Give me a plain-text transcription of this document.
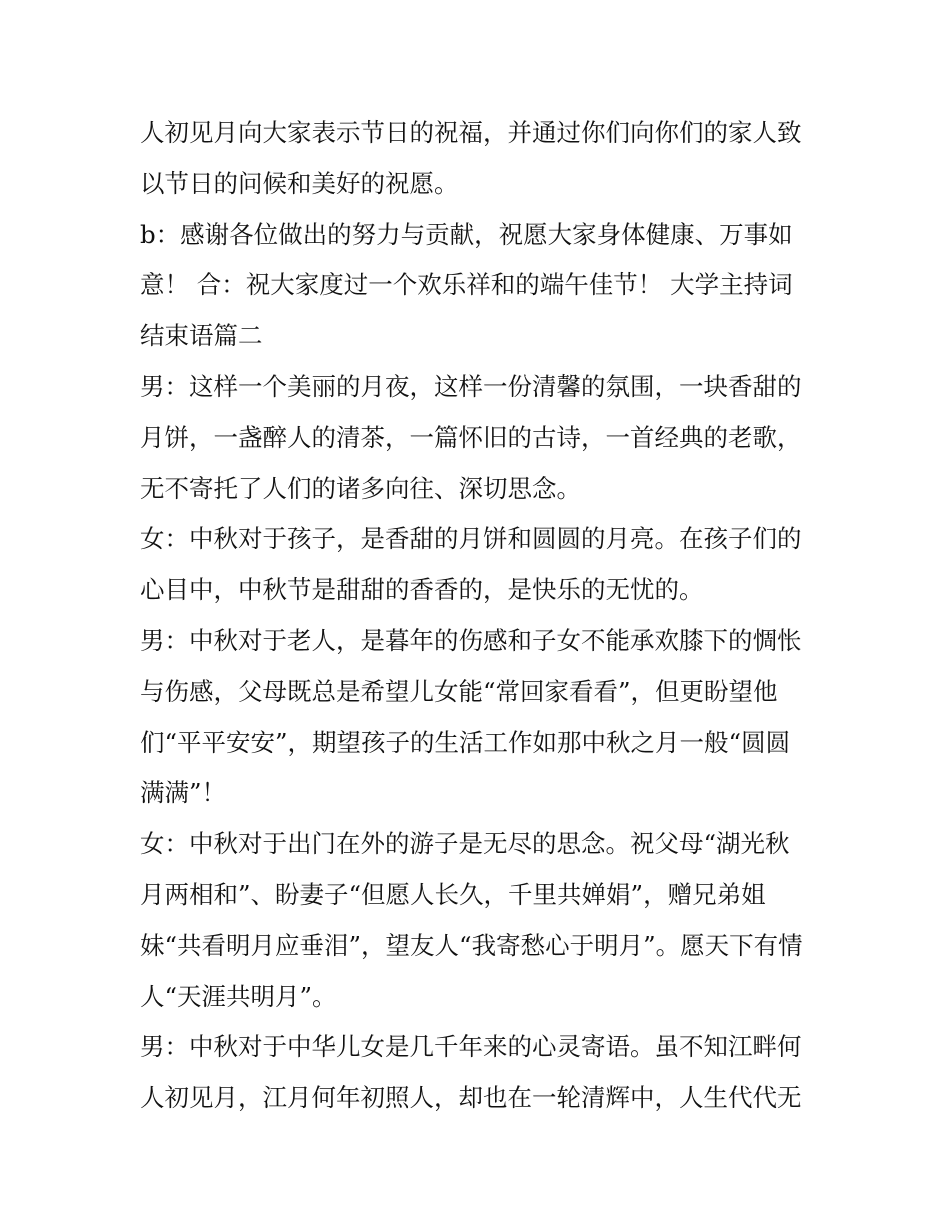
人初见月向大家表示节日的祝福，并通过你们向你们的家人致
以节日的问候和美好的祝愿。
b：感谢各位做出的努力与贡献，祝愿大家身体健康、万事如
意！ 合：祝大家度过一个欢乐祥和的端午佳节！ 大学主持词
结束语篇二
男：这样一个美丽的月夜，这样一份清馨的氛围，一块香甜的
月饼，一盏醉人的清茶，一篇怀旧的古诗，一首经典的老歌，
无不寄托了人们的诸多向往、深切思念。
女：中秋对于孩子，是香甜的月饼和圆圆的月亮。在孩子们的
心目中，中秋节是甜甜的香香的，是快乐的无忧的。
男：中秋对于老人，是暮年的伤感和子女不能承欢膝下的惆怅
与伤感，父母既总是希望儿女能“常回家看看”，但更盼望他
们“平平安安”，期望孩子的生活工作如那中秋之月一般“圆圆
满满”！
女：中秋对于出门在外的游子是无尽的思念。祝父母“湖光秋
月两相和”、盼妻子“但愿人长久，千里共婵娟”，赠兄弟姐
妹“共看明月应垂泪”，望友人“我寄愁心于明月”。愿天下有情
人“天涯共明月”。
男：中秋对于中华儿女是几千年来的心灵寄语。虽不知江畔何
人初见月，江月何年初照人，却也在一轮清辉中，人生代代无
